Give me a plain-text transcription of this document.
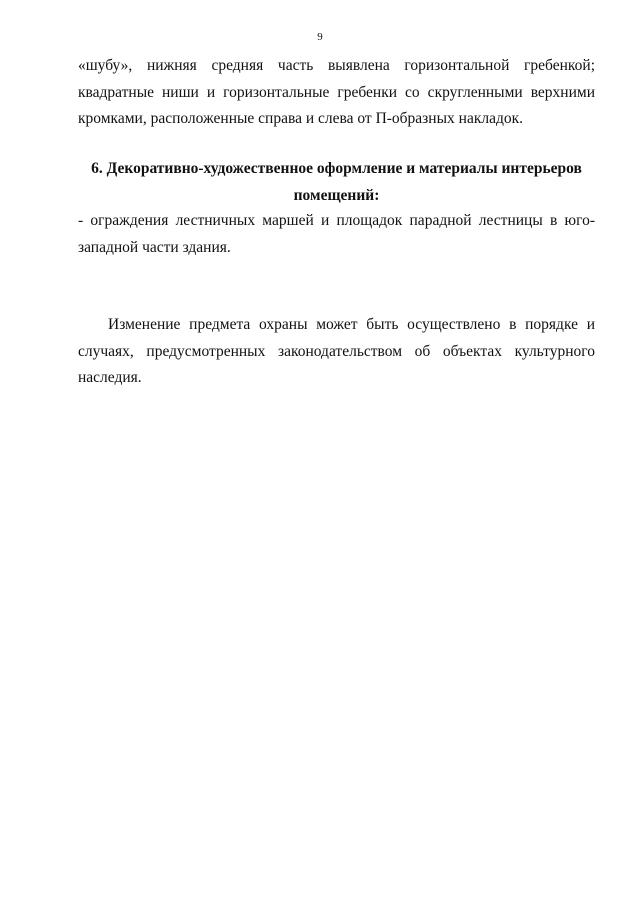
9

«шубу», нижняя средняя часть выявлена горизонтальной гребенкой; квадратные ниши и горизонтальные гребенки со скругленными верхними кромками, расположенные справа и слева от П-образных накладок.

6. Декоративно-художественное оформление и материалы интерьеров помещений:

- ограждения лестничных маршей и площадок парадной лестницы в юго-западной части здания.

Изменение предмета охраны может быть осуществлено в порядке и случаях, предусмотренных законодательством об объектах культурного наследия.
